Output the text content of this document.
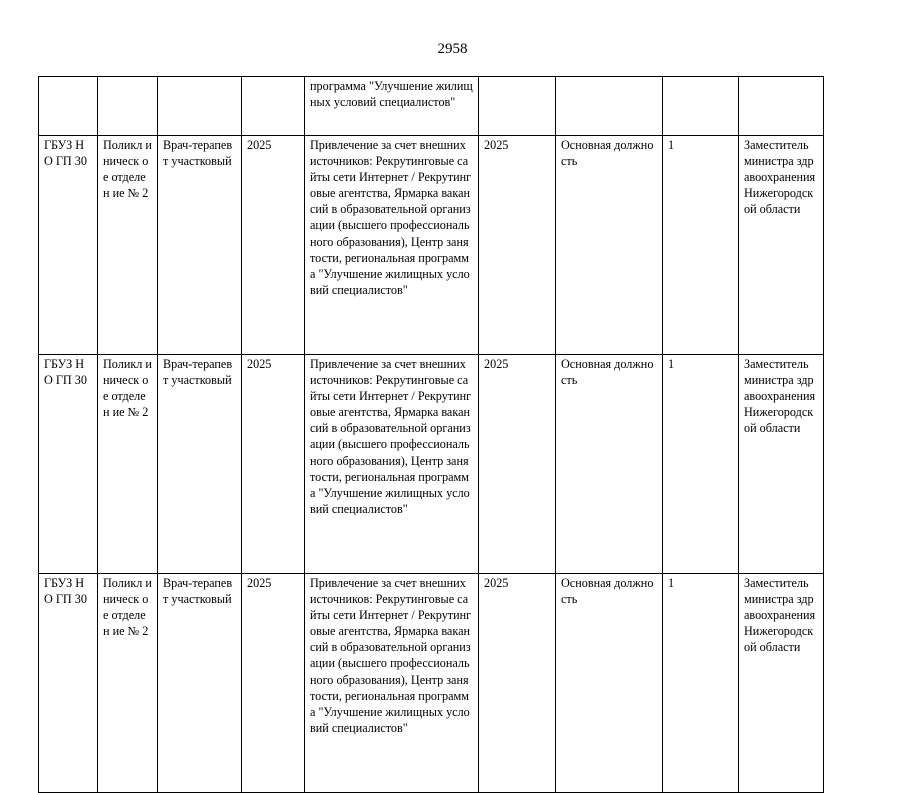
2958
				программа "Улучшение жилищных условий специалистов"				
ГБУЗ НО ГП 30	Поликл иническ ое отделен ие № 2	Врач-терапевт участковый	2025	Привлечение за счет внешних источников: Рекрутинговые сайты сети Интернет / Рекрутинговые агентства, Ярмарка вакансий в образовательной организации (высшего профессионального образования), Центр занятости, региональная программа "Улучшение жилищных условий специалистов"	2025	Основная должность	1	Заместитель министра здравоохранения Нижегородской области
ГБУЗ НО ГП 30	Поликл иническ ое отделен ие № 2	Врач-терапевт участковый	2025	Привлечение за счет внешних источников: Рекрутинговые сайты сети Интернет / Рекрутинговые агентства, Ярмарка вакансий в образовательной организации (высшего профессионального образования), Центр занятости, региональная программа "Улучшение жилищных условий специалистов"	2025	Основная должность	1	Заместитель министра здравоохранения Нижегородской области
ГБУЗ НО ГП 30	Поликл иническ ое отделен ие № 2	Врач-терапевт участковый	2025	Привлечение за счет внешних источников: Рекрутинговые сайты сети Интернет / Рекрутинговые агентства, Ярмарка вакансий в образовательной организации (высшего профессионального образования), Центр занятости, региональная программа "Улучшение жилищных условий специалистов"	2025	Основная должность	1	Заместитель министра здравоохранения Нижегородской области
